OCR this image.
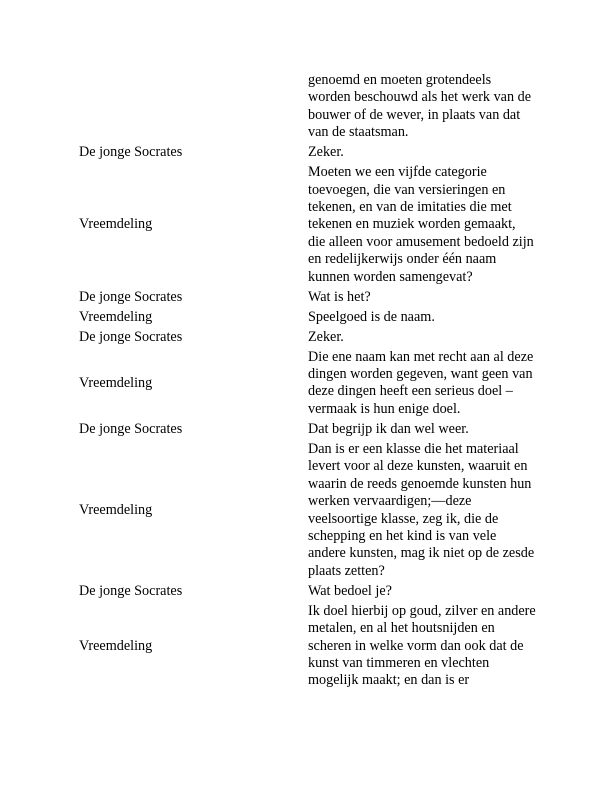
	genoemd en moeten grotendeels worden beschouwd als het werk van de bouwer of de wever, in plaats van dat van de staatsman.
De jonge Socrates	Zeker.
Vreemdeling	Moeten we een vijfde categorie toevoegen, die van versieringen en tekenen, en van de imitaties die met tekenen en muziek worden gemaakt, die alleen voor amusement bedoeld zijn en redelijkerwijs onder één naam kunnen worden samengevat?
De jonge Socrates	Wat is het?
Vreemdeling	Speelgoed is de naam.
De jonge Socrates	Zeker.
Vreemdeling	Die ene naam kan met recht aan al deze dingen worden gegeven, want geen van deze dingen heeft een serieus doel – vermaak is hun enige doel.
De jonge Socrates	Dat begrijp ik dan wel weer.
Vreemdeling	Dan is er een klasse die het materiaal levert voor al deze kunsten, waaruit en waarin de reeds genoemde kunsten hun werken vervaardigen;—deze veelsoortige klasse, zeg ik, die de schepping en het kind is van vele andere kunsten, mag ik niet op de zesde plaats zetten?
De jonge Socrates	Wat bedoel je?
Vreemdeling	Ik doel hierbij op goud, zilver en andere metalen, en al het houtsnijden en scheren in welke vorm dan ook dat de kunst van timmeren en vlechten mogelijk maakt; en dan is er
